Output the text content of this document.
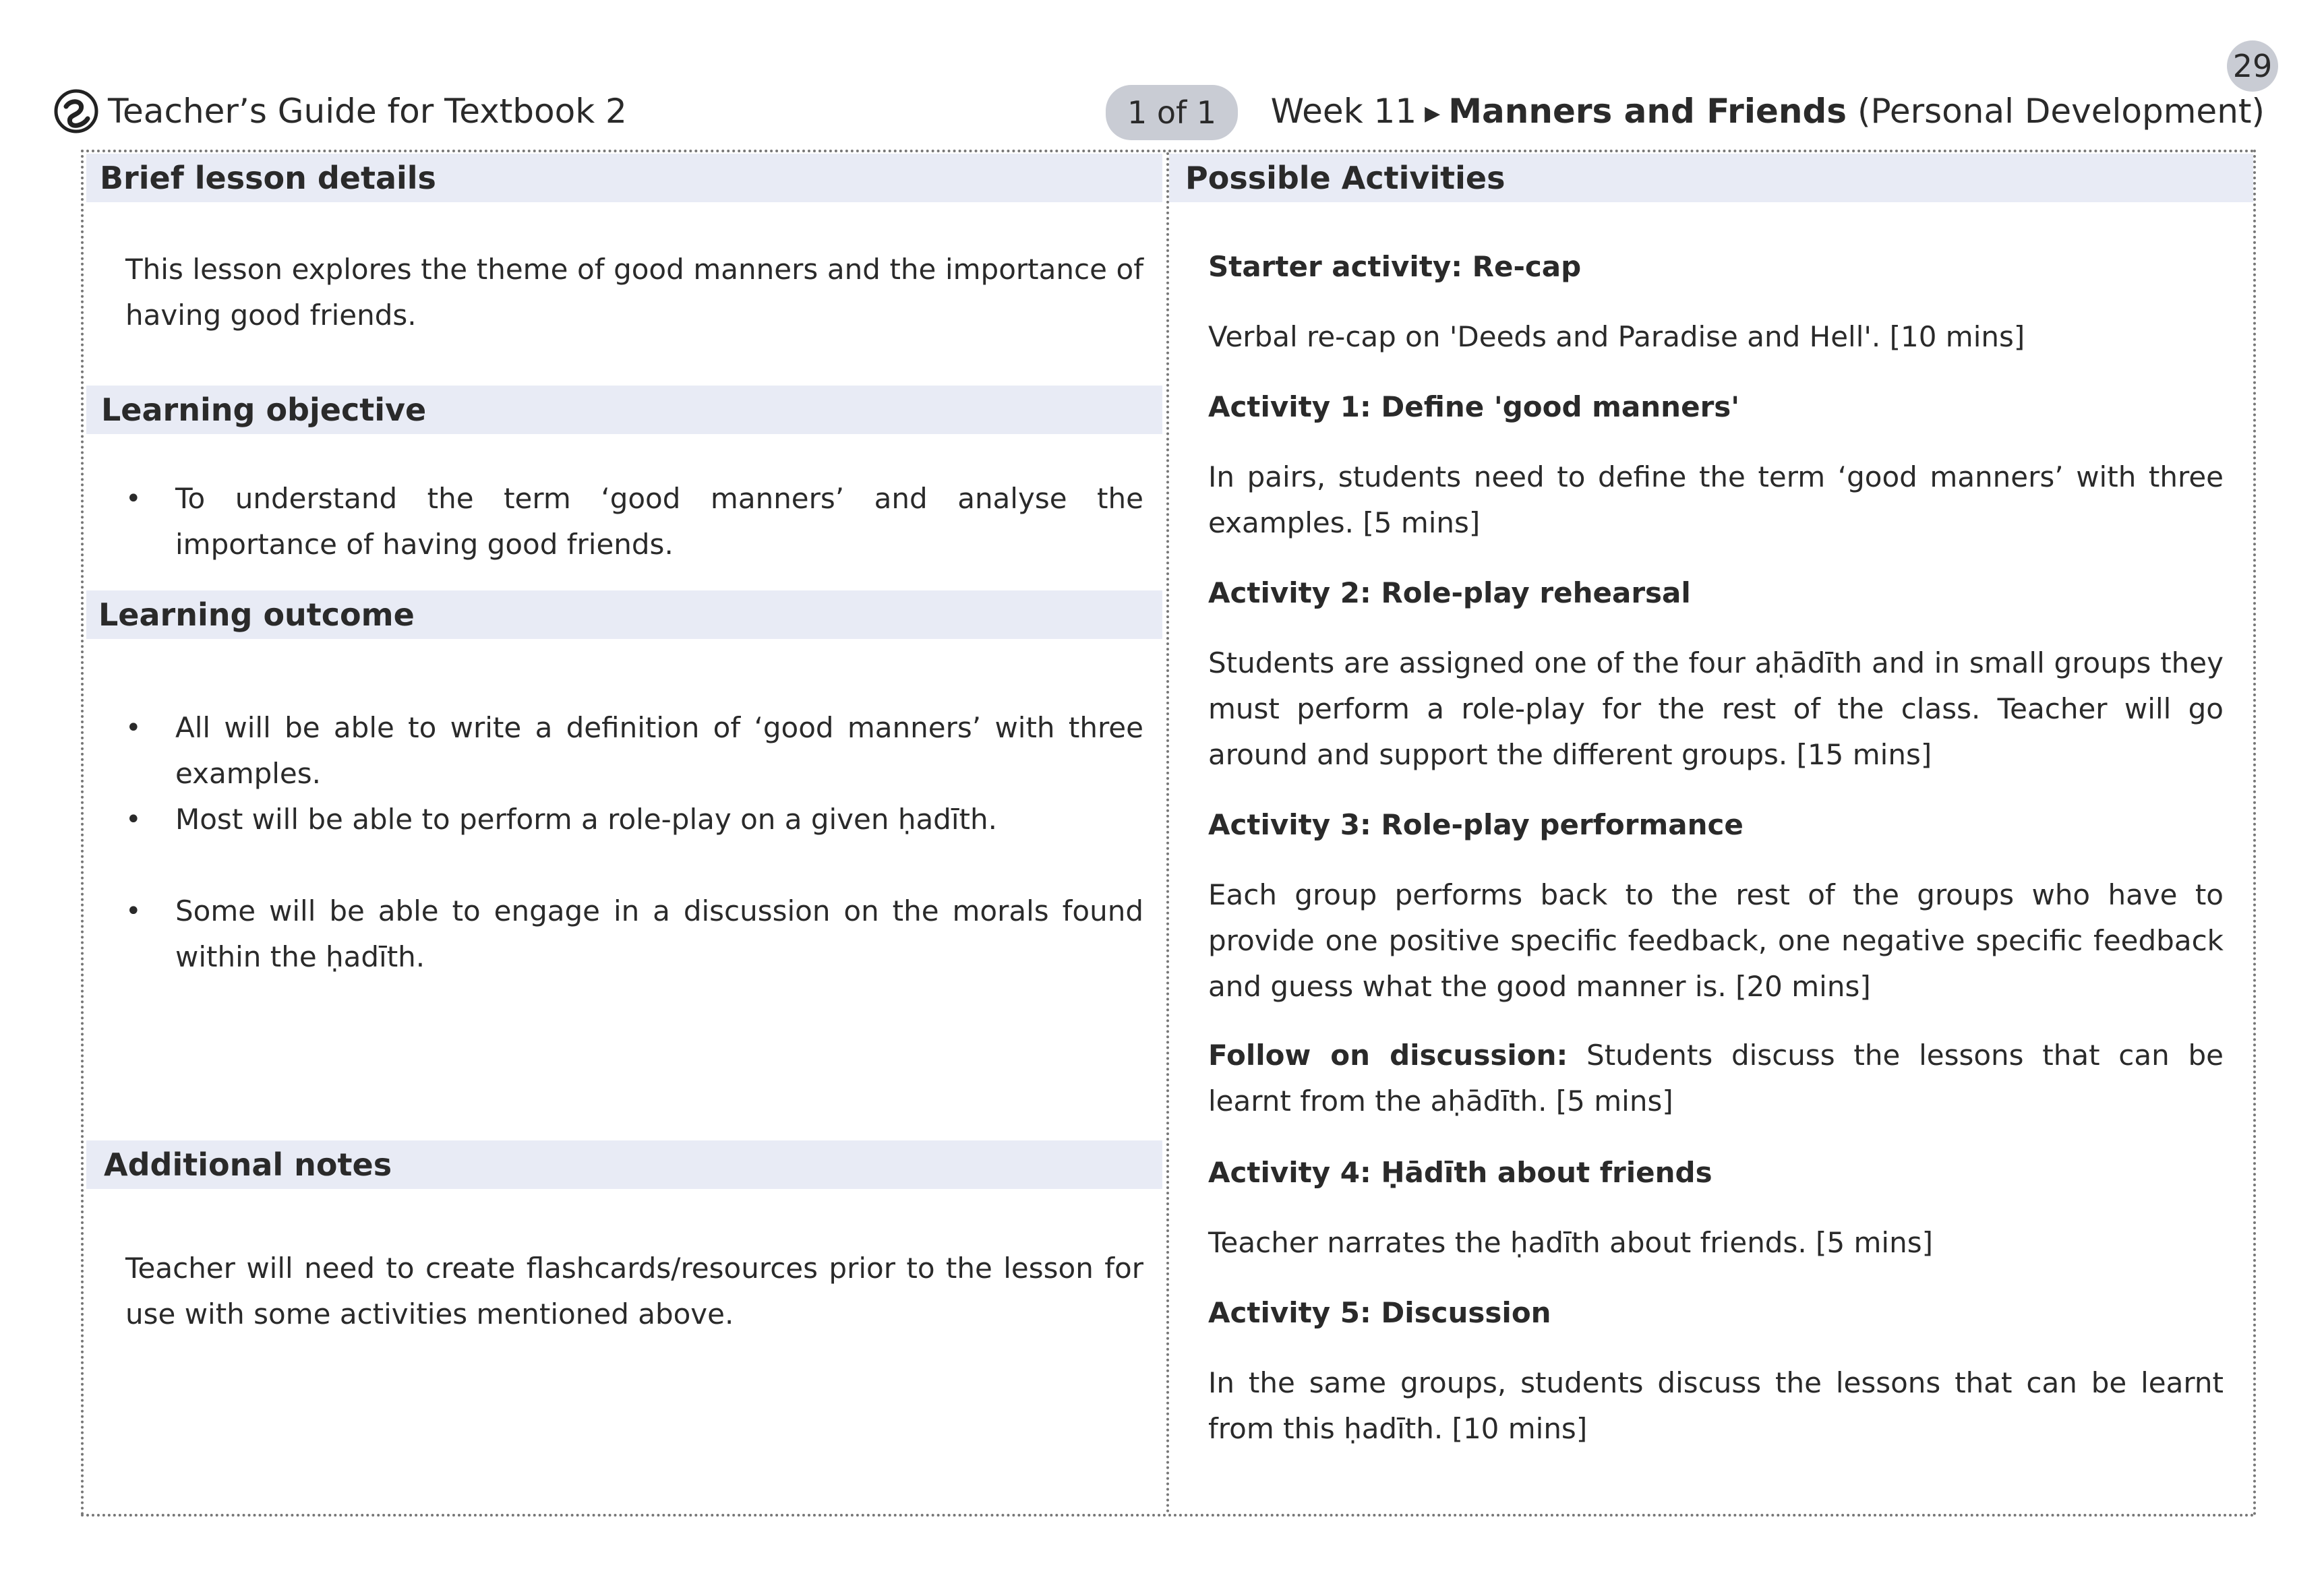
29
Teacher’s Guide for Textbook 2	1 of 1	Week 11 ▶ Manners and Friends (Personal Development)
Brief lesson details
This lesson explores the theme of good manners and the importance of having good friends.
Learning objective
• To understand the term ‘good manners’ and analyse the importance of having good friends.
Learning outcome
• All will be able to write a definition of ‘good manners’ with three examples.
• Most will be able to perform a role-play on a given ḥadīth.
• Some will be able to engage in a discussion on the morals found within the ḥadīth.
Additional notes
Teacher will need to create flashcards/resources prior to the lesson for use with some activities mentioned above.
Possible Activities
Starter activity: Re-cap
Verbal re-cap on 'Deeds and Paradise and Hell'. [10 mins]
Activity 1: Define 'good manners'
In pairs, students need to define the term ‘good manners’ with three examples. [5 mins]
Activity 2: Role-play rehearsal
Students are assigned one of the four aḥādīth and in small groups they must perform a role-play for the rest of the class. Teacher will go around and support the different groups. [15 mins]
Activity 3: Role-play performance
Each group performs back to the rest of the groups who have to provide one positive specific feedback, one negative specific feedback and guess what the good manner is. [20 mins]
Follow on discussion: Students discuss the lessons that can be learnt from the aḥādīth. [5 mins]
Activity 4: Ḥādīth about friends
Teacher narrates the ḥadīth about friends. [5 mins]
Activity 5: Discussion
In the same groups, students discuss the lessons that can be learnt from this ḥadīth. [10 mins]
